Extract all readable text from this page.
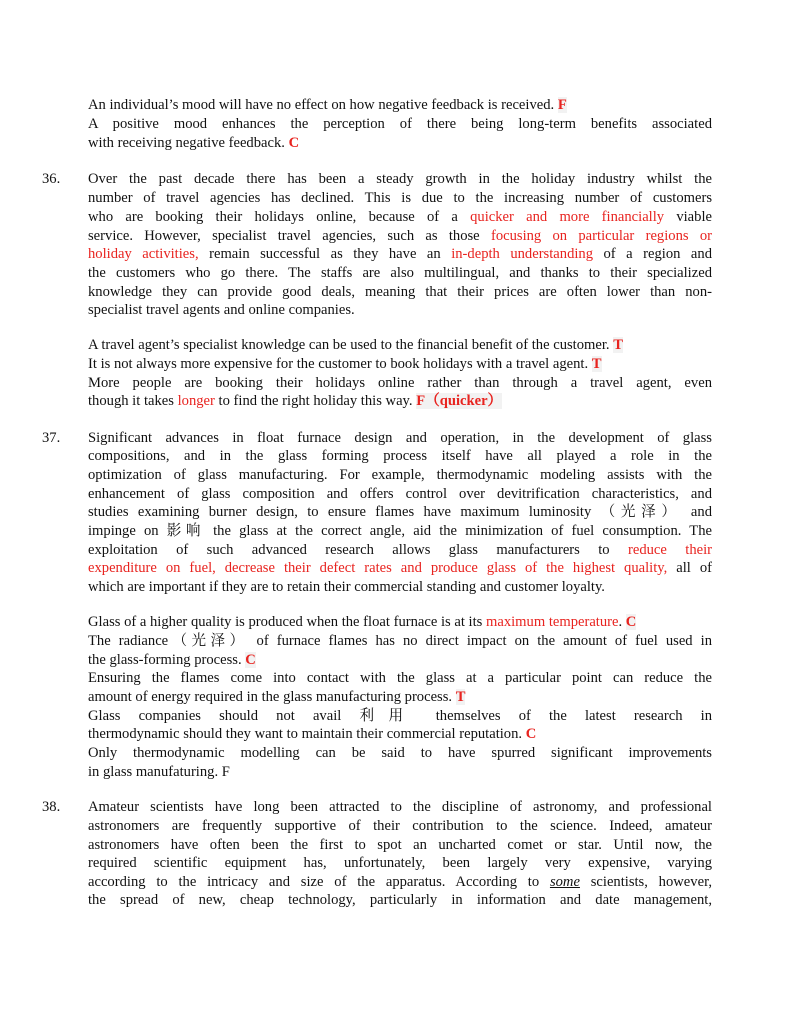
An individual’s mood will have no effect on how negative feedback is received. F
A positive mood enhances the perception of there being long-term benefits associated
with receiving negative feedback. C
36. Over the past decade there has been a steady growth in the holiday industry whilst the
number of travel agencies has declined. This is due to the increasing number of customers
who are booking their holidays online, because of a quicker and more financially viable
service. However, specialist travel agencies, such as those focusing on particular regions or
holiday activities, remain successful as they have an in-depth understanding of a region and
the customers who go there. The staffs are also multilingual, and thanks to their specialized
knowledge they can provide good deals, meaning that their prices are often lower than non-
specialist travel agents and online companies.
A travel agent’s specialist knowledge can be used to the financial benefit of the customer. T
It is not always more expensive for the customer to book holidays with a travel agent. T
More people are booking their holidays online rather than through a travel agent, even
though it takes longer to find the right holiday this way. F（quicker）
37. Significant advances in float furnace design and operation, in the development of glass
compositions, and in the glass forming process itself have all played a role in the
optimization of glass manufacturing. For example, thermodynamic modeling assists with the
enhancement of glass composition and offers control over devitrification characteristics, and
studies examining burner design, to ensure flames have maximum luminosity （光泽） and
impinge on 影响 the glass at the correct angle, aid the minimization of fuel consumption. The
exploitation of such advanced research allows glass manufacturers to reduce their
expenditure on fuel, decrease their defect rates and produce glass of the highest quality, all of
which are important if they are to retain their commercial standing and customer loyalty.
Glass of a higher quality is produced when the float furnace is at its maximum temperature. C
The radiance（光泽） of furnace flames has no direct impact on the amount of fuel used in
the glass-forming process. C
Ensuring the flames come into contact with the glass at a particular point can reduce the
amount of energy required in the glass manufacturing process. T
Glass companies should not avail 利用 themselves of the latest research in
thermodynamic should they want to maintain their commercial reputation. C
Only thermodynamic modelling can be said to have spurred significant improvements
in glass manufaturing. F
38. Amateur scientists have long been attracted to the discipline of astronomy, and professional
astronomers are frequently supportive of their contribution to the science. Indeed, amateur
astronomers have often been the first to spot an uncharted comet or star. Until now, the
required scientific equipment has, unfortunately, been largely very expensive, varying
according to the intricacy and size of the apparatus. According to some scientists, however,
the spread of new, cheap technology, particularly in information and date management,
